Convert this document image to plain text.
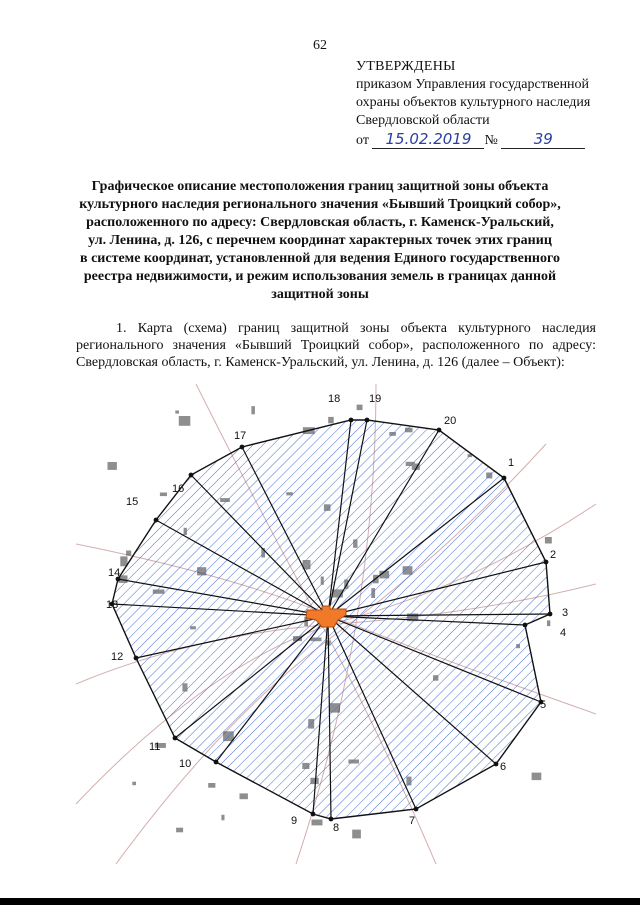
62
УТВЕРЖДЕНЫ
приказом Управления государственной
охраны объектов культурного наследия
Свердловской области
от 15.02.2019 № 39
Графическое описание местоположения границ защитной зоны объекта
культурного наследия регионального значения «Бывший Троицкий собор»,
расположенного по адресу: Свердловская область, г. Каменск-Уральский,
ул. Ленина, д. 126, с перечнем координат характерных точек этих границ
в системе координат, установленной для ведения Единого государственного
реестра недвижимости, и режим использования земель в границах данной
защитной зоны
1. Карта (схема) границ защитной зоны объекта культурного наследия
регионального значения «Бывший Троицкий собор», расположенного по адресу:
Свердловская область, г. Каменск-Уральский, ул. Ленина, д. 126 (далее – Объект):
1
2
3
4
5
6
7
8
9
10
11
12
13
14
15
16
17
18	19
20
